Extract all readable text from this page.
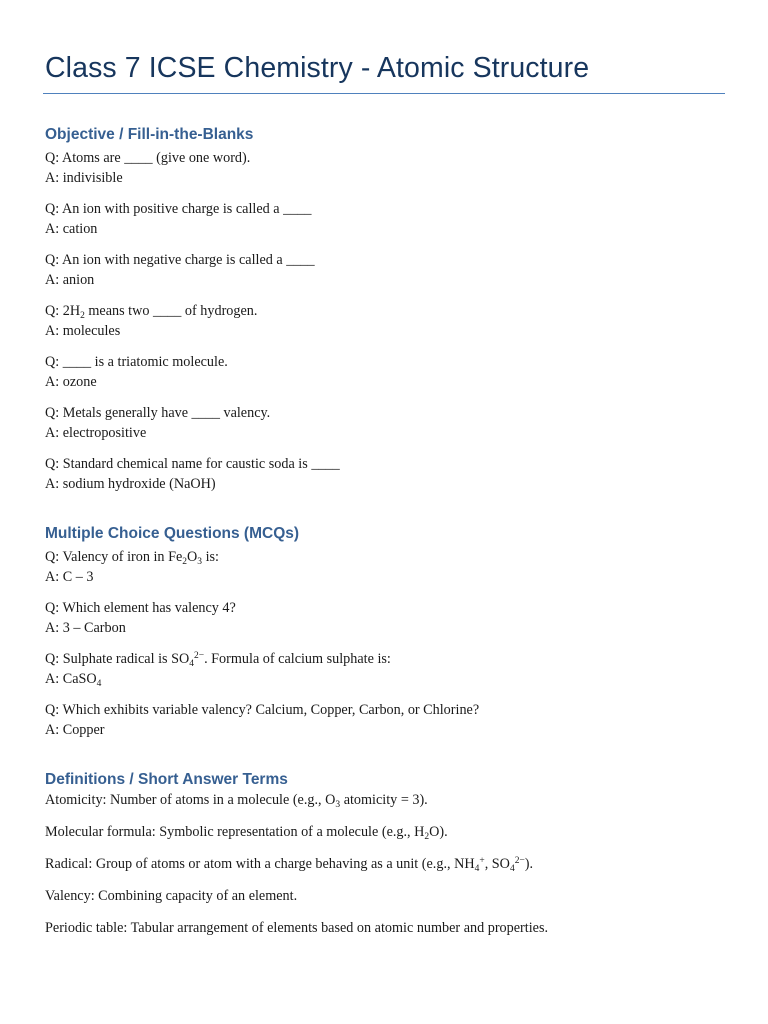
Class 7 ICSE Chemistry - Atomic Structure
Objective / Fill-in-the-Blanks
Q: Atoms are ____ (give one word).
A: indivisible
Q: An ion with positive charge is called a ____
A: cation
Q: An ion with negative charge is called a ____
A: anion
Q: $2H_2$ means two ____ of hydrogen.
A: molecules
Q: ____ is a triatomic molecule.
A: ozone
Q: Metals generally have ____ valency.
A: electropositive
Q: Standard chemical name for caustic soda is ____
A: sodium hydroxide (NaOH)
Multiple Choice Questions (MCQs)
Q: Valency of iron in $Fe_2O_3$ is:
A: C – 3
Q: Which element has valency 4?
A: 3 – Carbon
Q: Sulphate radical is $SO_4^{2-}$. Formula of calcium sulphate is:
A: CaSO$_4$
Q: Which exhibits variable valency? Calcium, Copper, Carbon, or Chlorine?
A: Copper
Definitions / Short Answer Terms
Atomicity: Number of atoms in a molecule (e.g., $O_3$ atomicity = 3).
Molecular formula: Symbolic representation of a molecule (e.g., $H_2O$).
Radical: Group of atoms or atom with a charge behaving as a unit (e.g., $NH_4^+$, $SO_4^{2-}$).
Valency: Combining capacity of an element.
Periodic table: Tabular arrangement of elements based on atomic number and properties.
